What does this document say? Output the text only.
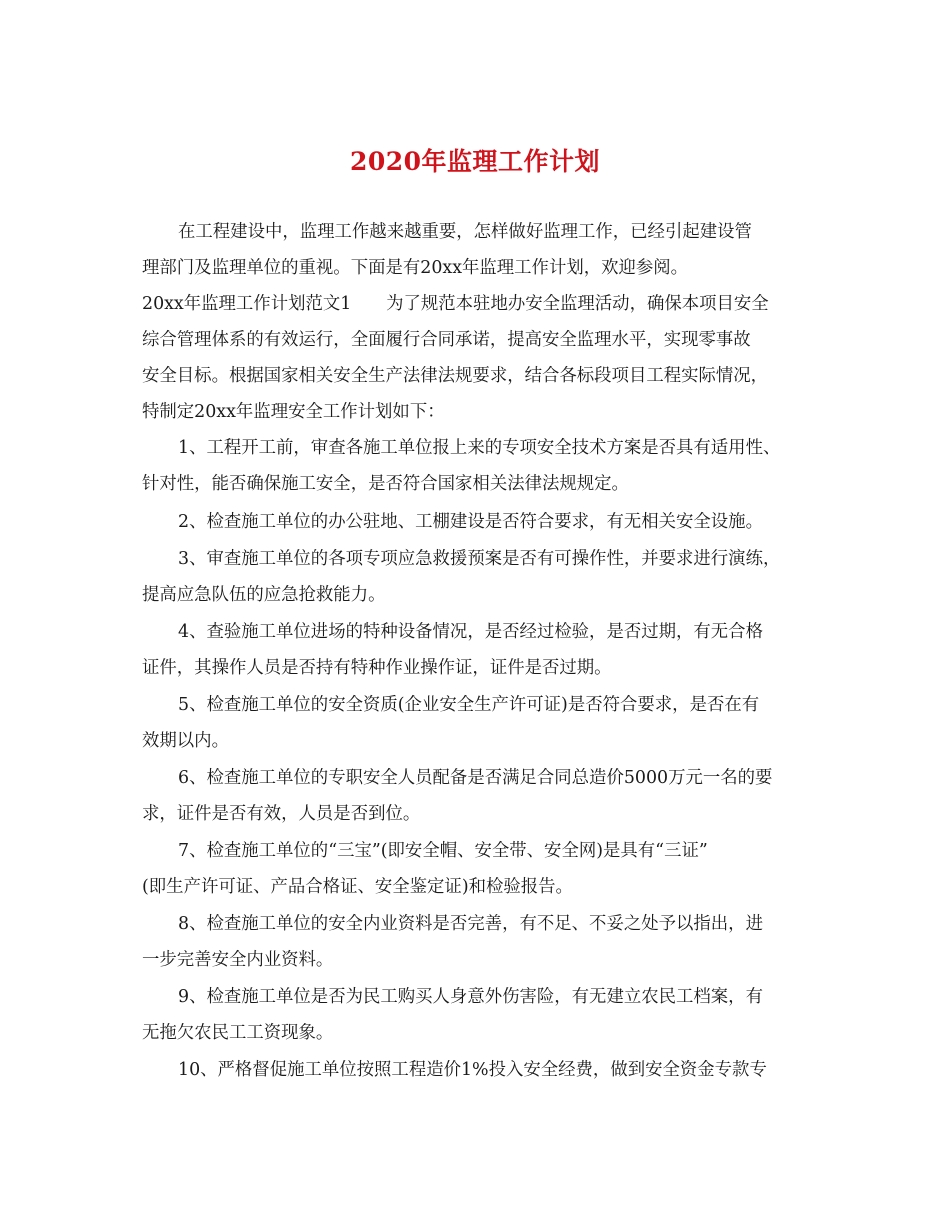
2020年监理工作计划
在工程建设中，监理工作越来越重要，怎样做好监理工作，已经引起建设管
理部门及监理单位的重视。下面是有20xx年监理工作计划，欢迎参阅。
20xx年监理工作计划范文1　　为了规范本驻地办安全监理活动，确保本项目安全
综合管理体系的有效运行，全面履行合同承诺，提高安全监理水平，实现零事故
安全目标。根据国家相关安全生产法律法规要求，结合各标段项目工程实际情况，
特制定20xx年监理安全工作计划如下：
1、工程开工前，审查各施工单位报上来的专项安全技术方案是否具有适用性、
针对性，能否确保施工安全，是否符合国家相关法律法规规定。
2、检查施工单位的办公驻地、工棚建设是否符合要求，有无相关安全设施。
3、审查施工单位的各项专项应急救援预案是否有可操作性，并要求进行演练，
提高应急队伍的应急抢救能力。
4、查验施工单位进场的特种设备情况，是否经过检验，是否过期，有无合格
证件，其操作人员是否持有特种作业操作证，证件是否过期。
5、检查施工单位的安全资质(企业安全生产许可证)是否符合要求，是否在有
效期以内。
6、检查施工单位的专职安全人员配备是否满足合同总造价5000万元一名的要
求，证件是否有效，人员是否到位。
7、检查施工单位的“三宝”(即安全帽、安全带、安全网)是具有“三证”
(即生产许可证、产品合格证、安全鉴定证)和检验报告。
8、检查施工单位的安全内业资料是否完善，有不足、不妥之处予以指出，进
一步完善安全内业资料。
9、检查施工单位是否为民工购买人身意外伤害险，有无建立农民工档案，有
无拖欠农民工工资现象。
10、严格督促施工单位按照工程造价1%投入安全经费，做到安全资金专款专
